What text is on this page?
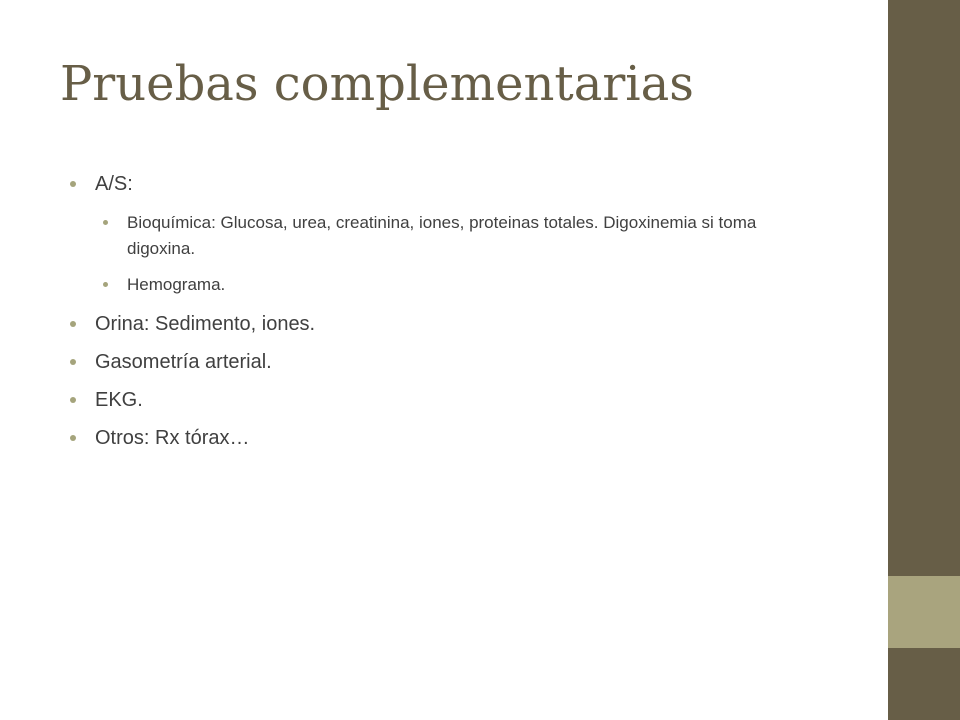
Pruebas complementarias
A/S:
Bioquímica: Glucosa, urea, creatinina, iones, proteinas totales. Digoxinemia si toma digoxina.
Hemograma.
Orina: Sedimento, iones.
Gasometría arterial.
EKG.
Otros: Rx tórax…
